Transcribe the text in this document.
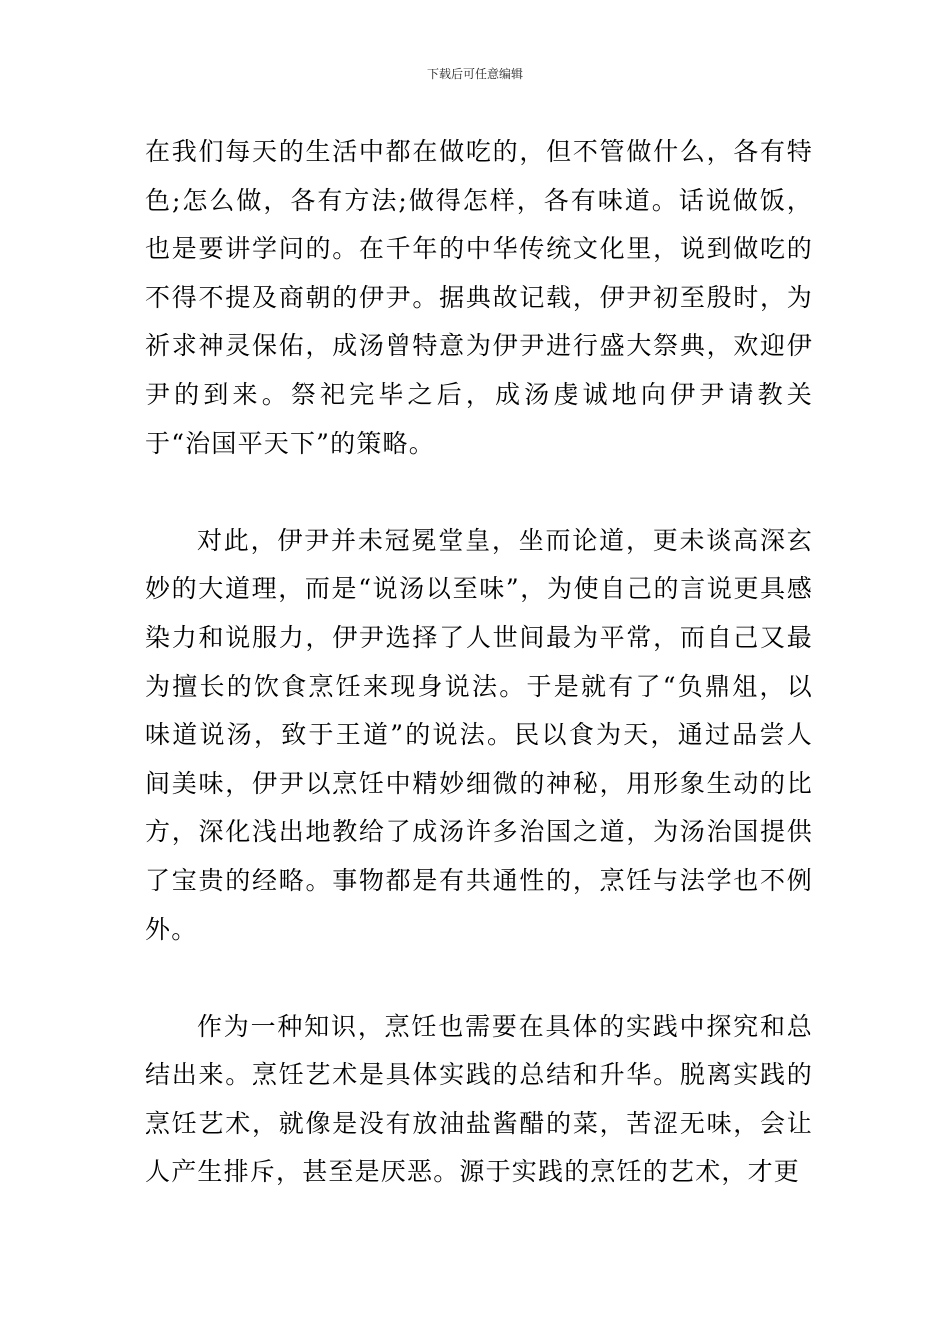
下载后可任意编辑

在我们每天的生活中都在做吃的，但不管做什么，各有特色;怎么做，各有方法;做得怎样，各有味道。话说做饭，也是要讲学问的。在千年的中华传统文化里，说到做吃的不得不提及商朝的伊尹。据典故记载，伊尹初至殷时，为祈求神灵保佑，成汤曾特意为伊尹进行盛大祭典，欢迎伊尹的到来。祭祀完毕之后，成汤虔诚地向伊尹请教关于“治国平天下”的策略。

对此，伊尹并未冠冕堂皇，坐而论道，更未谈高深玄妙的大道理，而是“说汤以至味”，为使自己的言说更具感染力和说服力，伊尹选择了人世间最为平常，而自己又最为擅长的饮食烹饪来现身说法。于是就有了“负鼎俎，以味道说汤，致于王道”的说法。民以食为天，通过品尝人间美味，伊尹以烹饪中精妙细微的神秘，用形象生动的比方，深化浅出地教给了成汤许多治国之道，为汤治国提供了宝贵的经略。事物都是有共通性的，烹饪与法学也不例外。

作为一种知识，烹饪也需要在具体的实践中探究和总结出来。烹饪艺术是具体实践的总结和升华。脱离实践的烹饪艺术，就像是没有放油盐酱醋的菜，苦涩无味，会让人产生排斥，甚至是厌恶。源于实践的烹饪的艺术，才更
